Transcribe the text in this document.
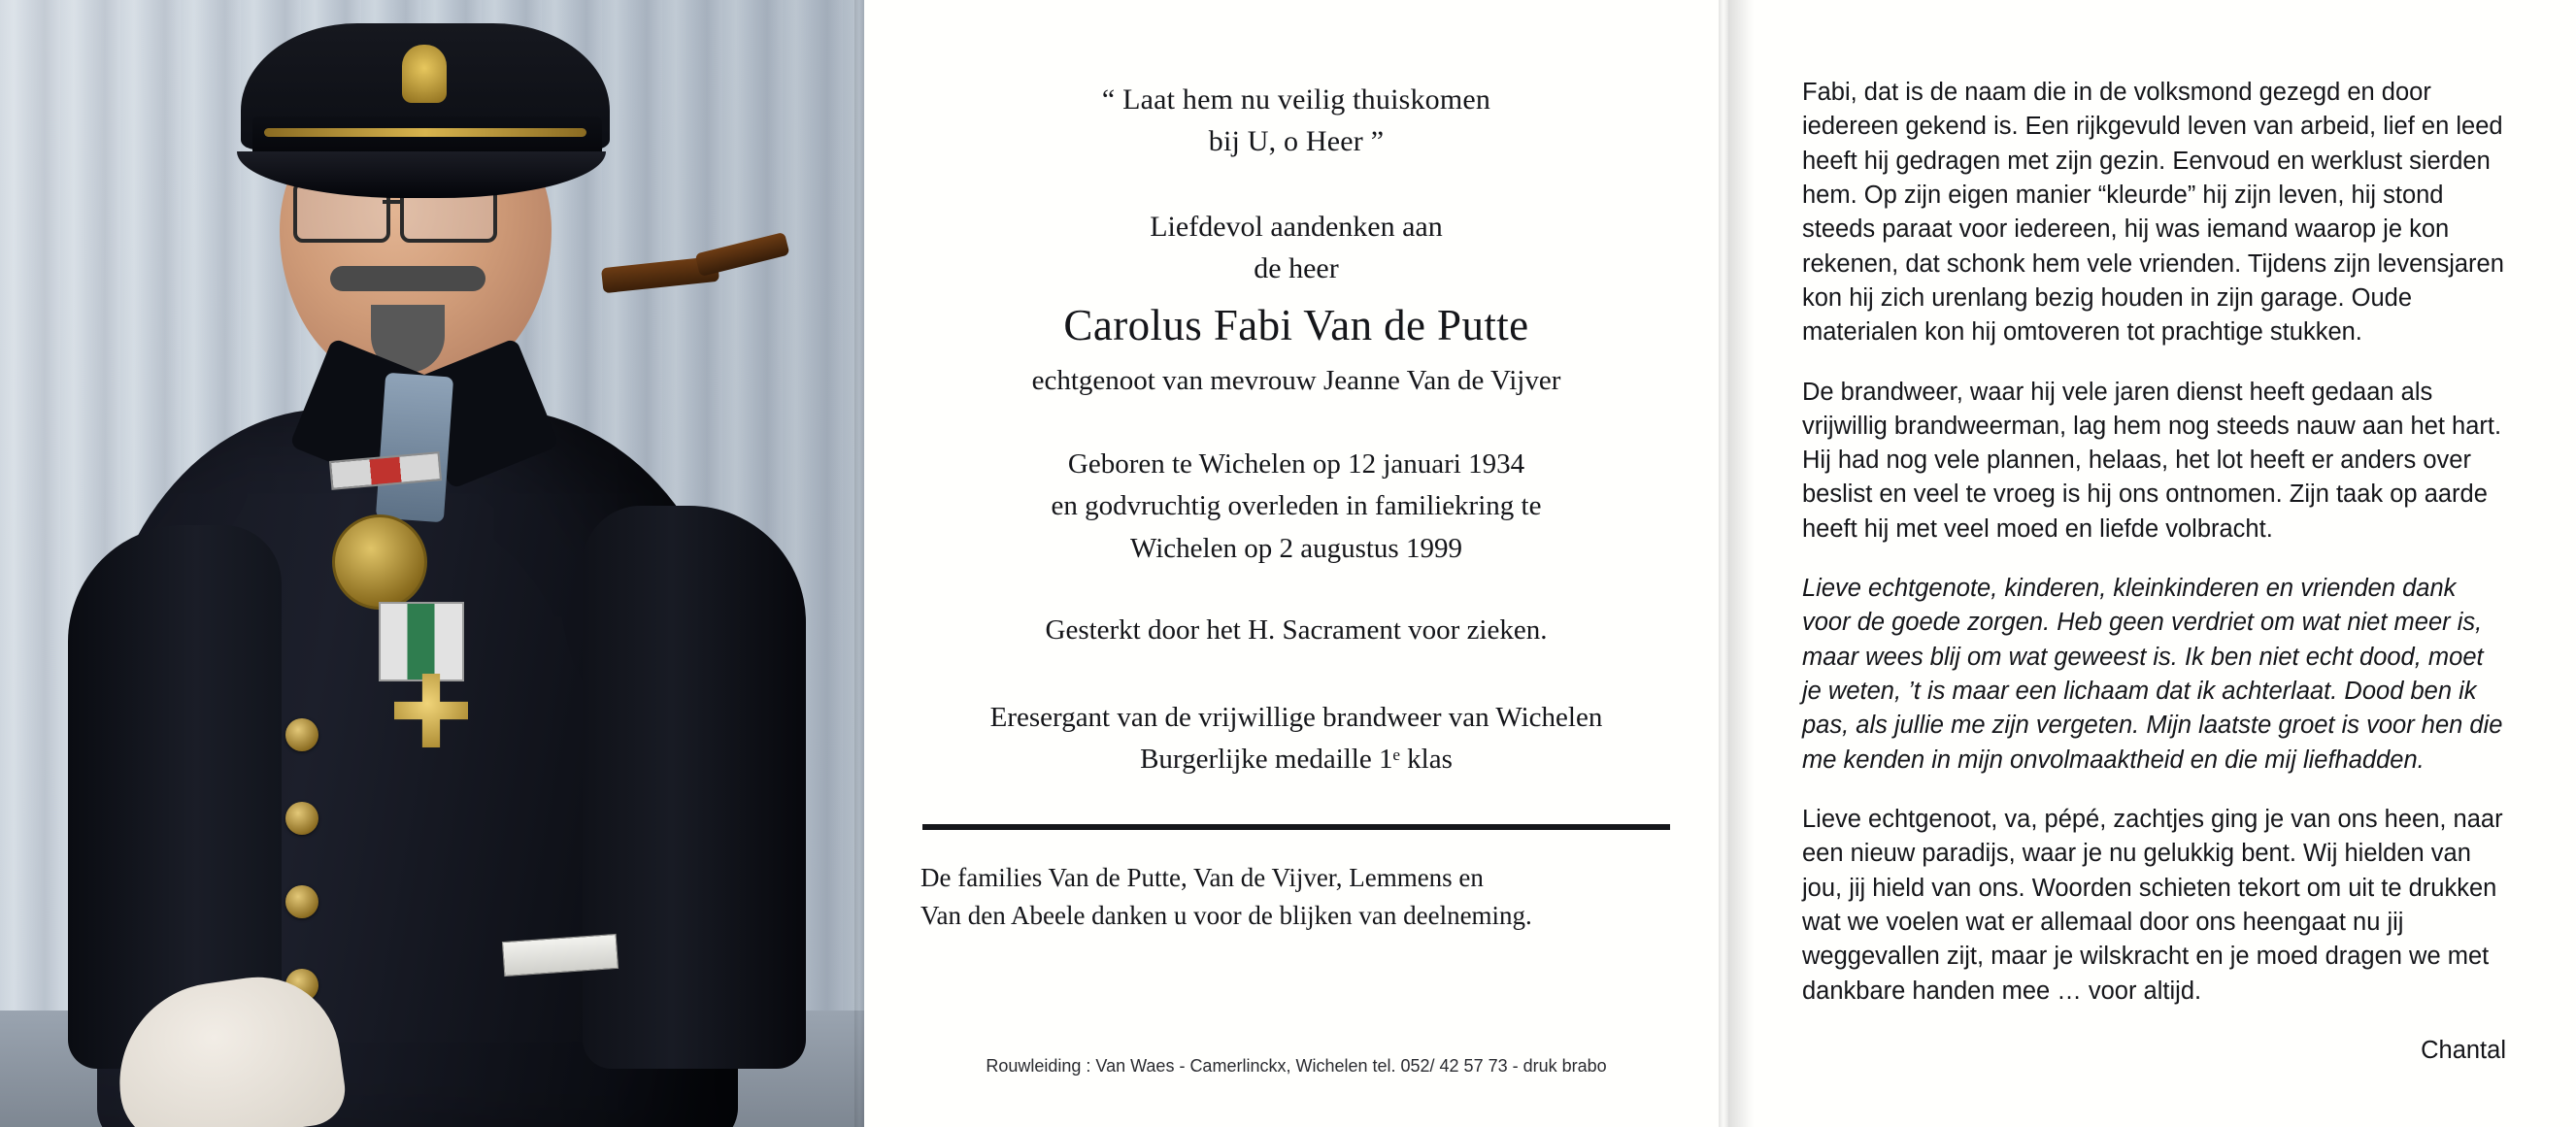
“ Laat hem nu veilig thuiskomen
bij U, o Heer ”
Liefdevol aandenken aan
de heer
Carolus Fabi Van de Putte
echtgenoot van mevrouw Jeanne Van de Vijver
Geboren te Wichelen op 12 januari 1934
en godvruchtig overleden in familiekring te
Wichelen op 2 augustus 1999
Gesterkt door het H. Sacrament voor zieken.
Eresergant van de vrijwillige brandweer van Wichelen
Burgerlijke medaille 1ᵉ klas
De families Van de Putte, Van de Vijver, Lemmens en
Van den Abeele danken u voor de blijken van deelneming.
Rouwleiding : Van Waes - Camerlinckx, Wichelen tel. 052/ 42 57 73 - druk brabo

Fabi, dat is de naam die in de volksmond gezegd en door iedereen gekend is. Een rijkgevuld leven van arbeid, lief en leed heeft hij gedragen met zijn gezin. Eenvoud en werklust sierden hem. Op zijn eigen manier “kleurde” hij zijn leven, hij stond steeds paraat voor iedereen, hij was iemand waarop je kon rekenen, dat schonk hem vele vrienden. Tijdens zijn levensjaren kon hij zich urenlang bezig houden in zijn garage. Oude materialen kon hij omtoveren tot prachtige stukken.

De brandweer, waar hij vele jaren dienst heeft gedaan als vrijwillig brandweerman, lag hem nog steeds nauw aan het hart. Hij had nog vele plannen, helaas, het lot heeft er anders over beslist en veel te vroeg is hij ons ontnomen. Zijn taak op aarde heeft hij met veel moed en liefde volbracht.

Lieve echtgenote, kinderen, kleinkinderen en vrienden dank voor de goede zorgen. Heb geen verdriet om wat niet meer is, maar wees blij om wat geweest is. Ik ben niet echt dood, moet je weten, ’t is maar een lichaam dat ik achterlaat. Dood ben ik pas, als jullie me zijn vergeten. Mijn laatste groet is voor hen die me kenden in mijn onvolmaaktheid en die mij liefhadden.

Lieve echtgenoot, va, pépé, zachtjes ging je van ons heen, naar een nieuw paradijs, waar je nu gelukkig bent. Wij hielden van jou, jij hield van ons. Woorden schieten tekort om uit te drukken wat we voelen wat er allemaal door ons heengaat nu jij weggevallen zijt, maar je wilskracht en je moed dragen we met dankbare handen mee … voor altijd.

Chantal
